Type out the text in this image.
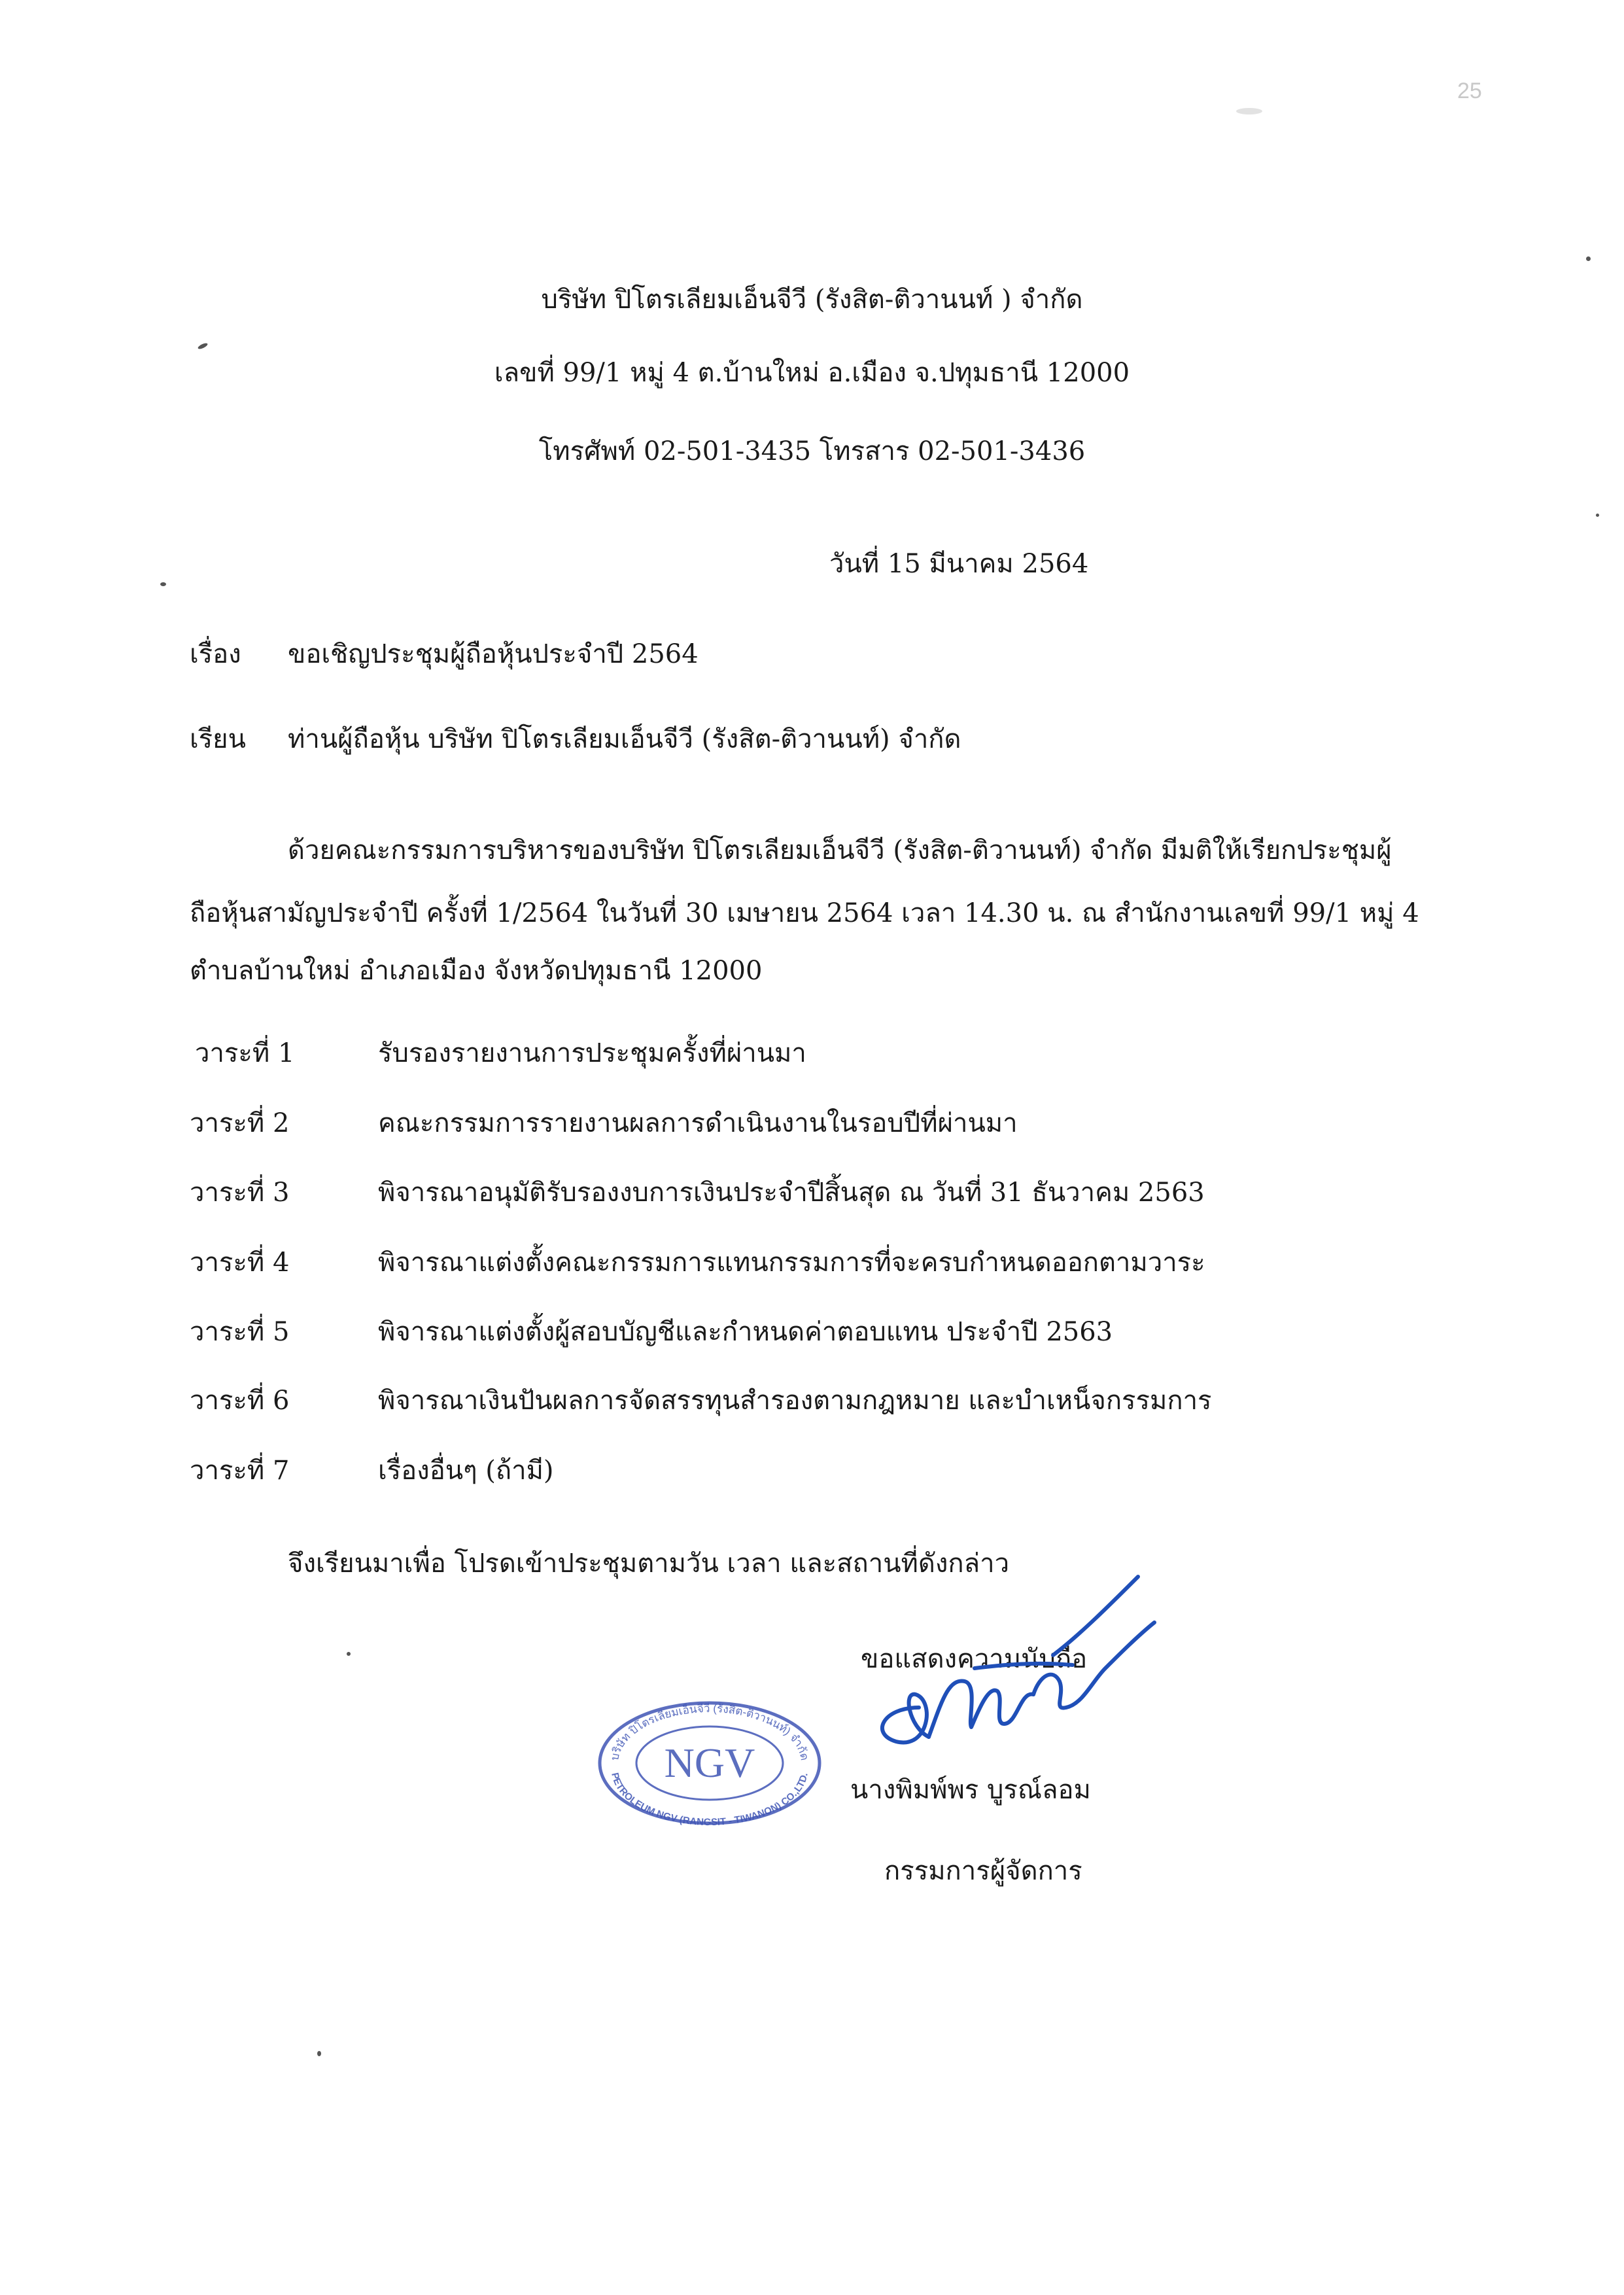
บริษัท ปิโตรเลียมเอ็นจีวี (รังสิต-ติวานนท์ ) จำกัด
เลขที่ 99/1 หมู่ 4 ต.บ้านใหม่ อ.เมือง จ.ปทุมธานี 12000
โทรศัพท์ 02-501-3435 โทรสาร 02-501-3436
วันที่ 15 มีนาคม 2564
เรื่อง ขอเชิญประชุมผู้ถือหุ้นประจำปี 2564
เรียน ท่านผู้ถือหุ้น บริษัท ปิโตรเลียมเอ็นจีวี (รังสิต-ติวานนท์) จำกัด
ด้วยคณะกรรมการบริหารของบริษัท ปิโตรเลียมเอ็นจีวี (รังสิต-ติวานนท์) จำกัด มีมติให้เรียกประชุมผู้
ถือหุ้นสามัญประจำปี ครั้งที่ 1/2564 ในวันที่ 30 เมษายน 2564 เวลา 14.30 น. ณ สำนักงานเลขที่ 99/1 หมู่ 4
ตำบลบ้านใหม่ อำเภอเมือง จังหวัดปทุมธานี 12000
วาระที่ 1	รับรองรายงานการประชุมครั้งที่ผ่านมา
วาระที่ 2	คณะกรรมการรายงานผลการดำเนินงานในรอบปีที่ผ่านมา
วาระที่ 3	พิจารณาอนุมัติรับรองงบการเงินประจำปีสิ้นสุด ณ วันที่ 31 ธันวาคม 2563
วาระที่ 4	พิจารณาแต่งตั้งคณะกรรมการแทนกรรมการที่จะครบกำหนดออกตามวาระ
วาระที่ 5	พิจารณาแต่งตั้งผู้สอบบัญชีและกำหนดค่าตอบแทน ประจำปี 2563
วาระที่ 6	พิจารณาเงินปันผลการจัดสรรทุนสำรองตามกฎหมาย และบำเหน็จกรรมการ
วาระที่ 7	เรื่องอื่นๆ (ถ้ามี)
จึงเรียนมาเพื่อ โปรดเข้าประชุมตามวัน เวลา และสถานที่ดังกล่าว
ขอแสดงความนับถือ
NGV
บริษัท ปิโตรเลียมเอ็นจีวี (รังสิต-ติวานนท์) จำกัด
PETROLEUM NGV (RANGSIT - TIWANON) CO.,LTD.
นางพิมพ์พร บูรณ์ลอม
กรรมการผู้จัดการ
25
